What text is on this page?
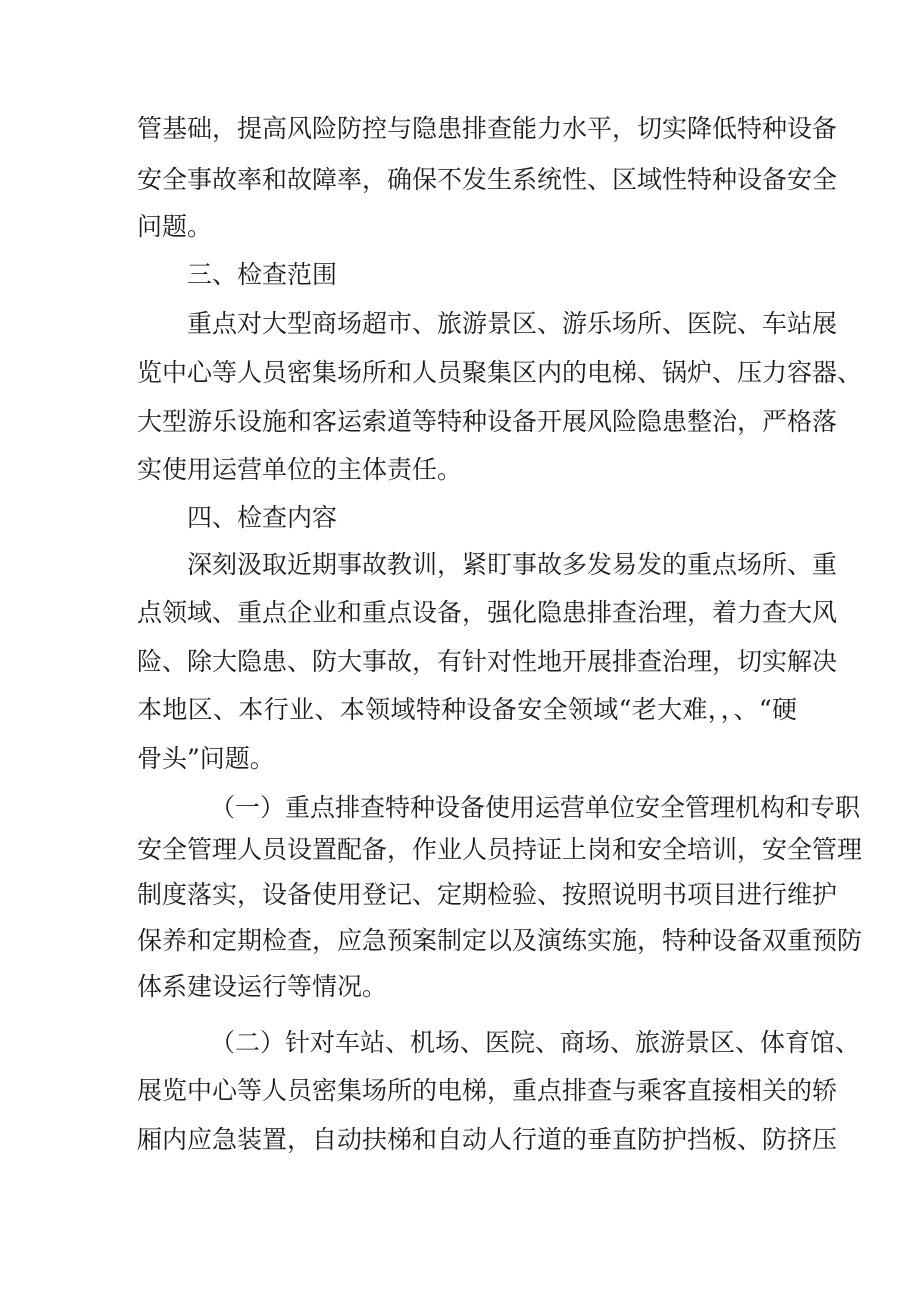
管基础，提高风险防控与隐患排查能力水平，切实降低特种设备
安全事故率和故障率，确保不发生系统性、区域性特种设备安全
问题。
三、检查范围
重点对大型商场超市、旅游景区、游乐场所、医院、车站展
览中心等人员密集场所和人员聚集区内的电梯、锅炉、压力容器、
大型游乐设施和客运索道等特种设备开展风险隐患整治，严格落
实使用运营单位的主体责任。
四、检查内容
深刻汲取近期事故教训，紧盯事故多发易发的重点场所、重
点领域、重点企业和重点设备，强化隐患排查治理，着力查大风
险、除大隐患、防大事故，有针对性地开展排查治理，切实解决
本地区、本行业、本领域特种设备安全领域“老大难，，、“硬
骨头”问题。
（一）重点排查特种设备使用运营单位安全管理机构和专职
安全管理人员设置配备，作业人员持证上岗和安全培训，安全管理
制度落实，设备使用登记、定期检验、按照说明书项目进行维护
保养和定期检查，应急预案制定以及演练实施，特种设备双重预防
体系建设运行等情况。
（二）针对车站、机场、医院、商场、旅游景区、体育馆、
展览中心等人员密集场所的电梯，重点排查与乘客直接相关的轿
厢内应急装置，自动扶梯和自动人行道的垂直防护挡板、防挤压
